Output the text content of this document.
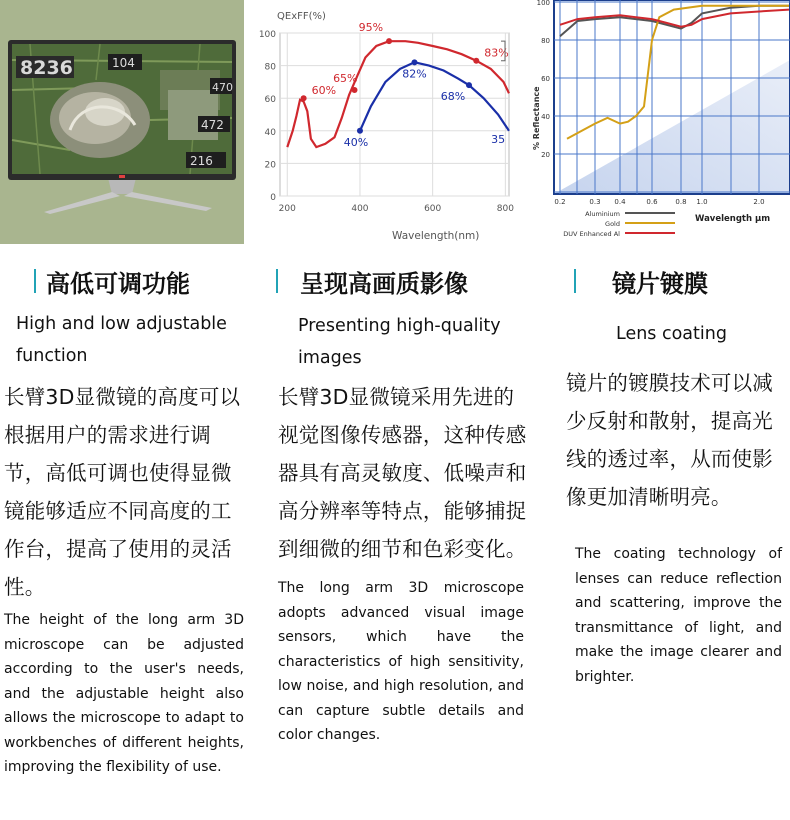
8236	104
470
472
216
QExFF(%)
0
20
40
60
80
100
200	400	600	800
60%
65%
95%
83%
82%
40%
68%
35
Wavelength(nm)
100
80
60
40
20
0.2	0.3 0.4	0.6	0.8 1.0	2.0
% Reflectance
Wavelength μm
Aluminium
Gold
DUV Enhanced Al
高低可调功能
High and low adjustable function
长臂3D显微镜的高度可以根据用户的需求进行调节，高低可调也使得显微镜能够适应不同高度的工作台，提高了使用的灵活性。
The height of the long arm 3D microscope can be adjusted according to the user's needs, and the adjustable height also allows the microscope to adapt to workbenches of different heights, improving the flexibility of use.
呈现高画质影像
Presenting high-quality images
长臂3D显微镜采用先进的视觉图像传感器，这种传感器具有高灵敏度、低噪声和高分辨率等特点，能够捕捉到细微的细节和色彩变化。
The long arm 3D microscope adopts advanced visual image sensors, which have the characteristics of high sensitivity, low noise, and high resolution, and can capture subtle details and color changes.
镜片镀膜
Lens coating
镜片的镀膜技术可以减少反射和散射，提高光线的透过率，从而使影像更加清晰明亮。
The coating technology of lenses can reduce reflection and scattering, improve the transmittance of light, and make the image clearer and brighter.
